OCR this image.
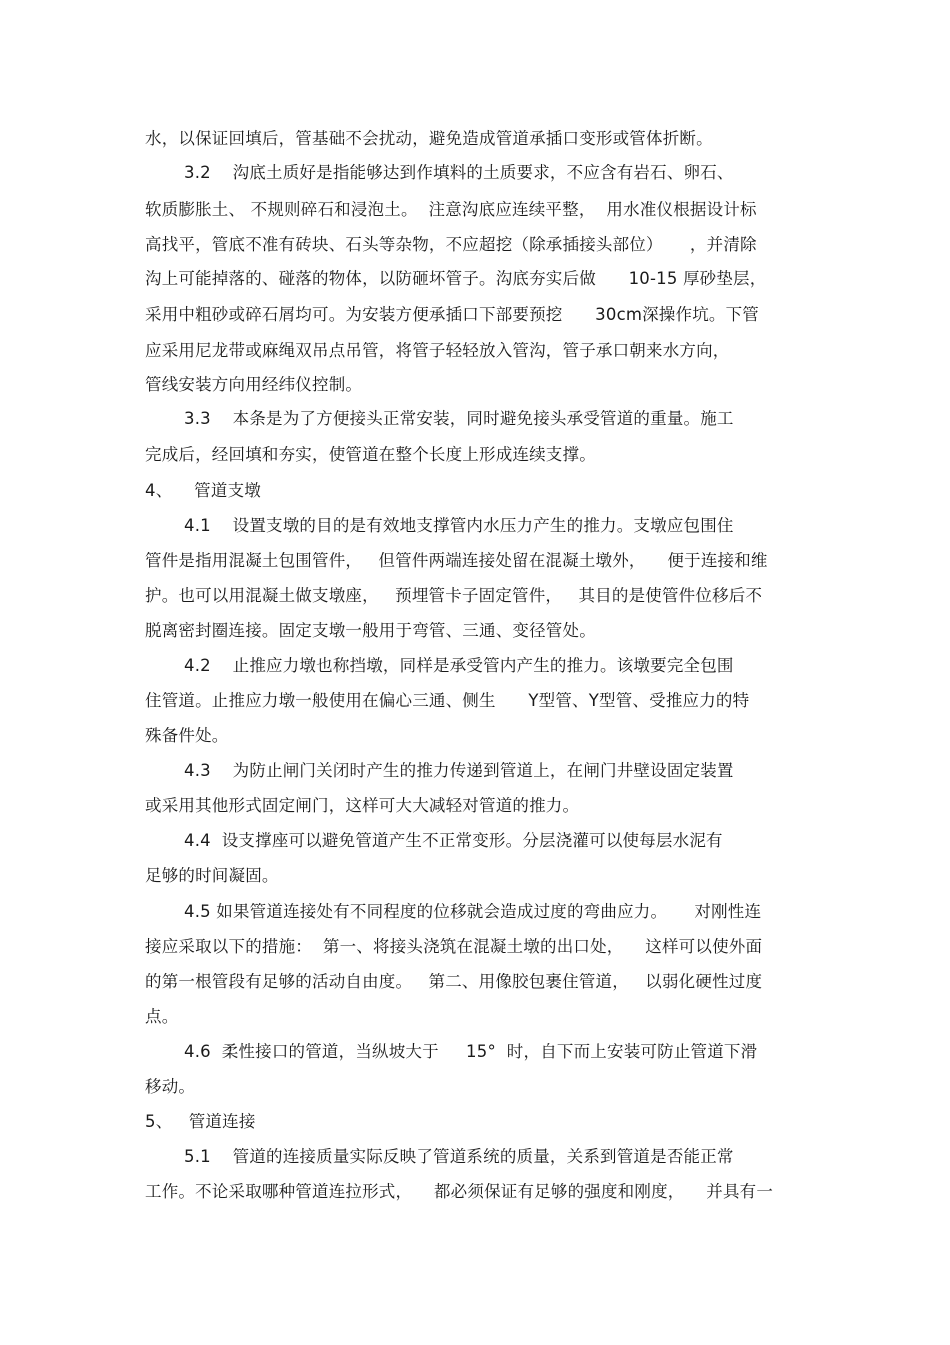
水，以保证回填后，管基础不会扰动，避免造成管道承插口变形或管体折断。
3.2    沟底土质好是指能够达到作填料的土质要求，不应含有岩石、卵石、
软质膨胀土、 不规则碎石和浸泡土。  注意沟底应连续平整，  用水准仪根据设计标
高找平，管底不准有砖块、石头等杂物，不应超挖（除承插接头部位）     ，并清除
沟上可能掉落的、碰落的物体，以防砸坏管子。沟底夯实后做      10-15 厚砂垫层，
采用中粗砂或碎石屑均可。为安装方便承插口下部要预挖      30cm深操作坑。下管
应采用尼龙带或麻绳双吊点吊管，将管子轻轻放入管沟，管子承口朝来水方向，
管线安装方向用经纬仪控制。
3.3    本条是为了方便接头正常安装，同时避免接头承受管道的重量。施工
完成后，经回填和夯实，使管道在整个长度上形成连续支撑。
4、    管道支墩
4.1    设置支墩的目的是有效地支撑管内水压力产生的推力。支墩应包围住
管件是指用混凝土包围管件，   但管件两端连接处留在混凝土墩外，    便于连接和维
护。也可以用混凝土做支墩座，   预埋管卡子固定管件，   其目的是使管件位移后不
脱离密封圈连接。固定支墩一般用于弯管、三通、变径管处。
4.2    止推应力墩也称挡墩，同样是承受管内产生的推力。该墩要完全包围
住管道。止推应力墩一般使用在偏心三通、侧生      Y型管、Y型管、受推应力的特
殊备件处。
4.3    为防止闸门关闭时产生的推力传递到管道上，在闸门井壁设固定装置
或采用其他形式固定闸门，这样可大大减轻对管道的推力。
4.4  设支撑座可以避免管道产生不正常变形。分层浇灌可以使每层水泥有
足够的时间凝固。
4.5 如果管道连接处有不同程度的位移就会造成过度的弯曲应力。     对刚性连
接应采取以下的措施：  第一、将接头浇筑在混凝土墩的出口处，    这样可以使外面
的第一根管段有足够的活动自由度。   第二、用像胶包裹住管道，   以弱化硬性过度
点。
4.6  柔性接口的管道，当纵坡大于     15°  时，自下而上安装可防止管道下滑
移动。
5、   管道连接
5.1    管道的连接质量实际反映了管道系统的质量，关系到管道是否能正常
工作。不论采取哪种管道连拉形式，    都必须保证有足够的强度和刚度，    并具有一
